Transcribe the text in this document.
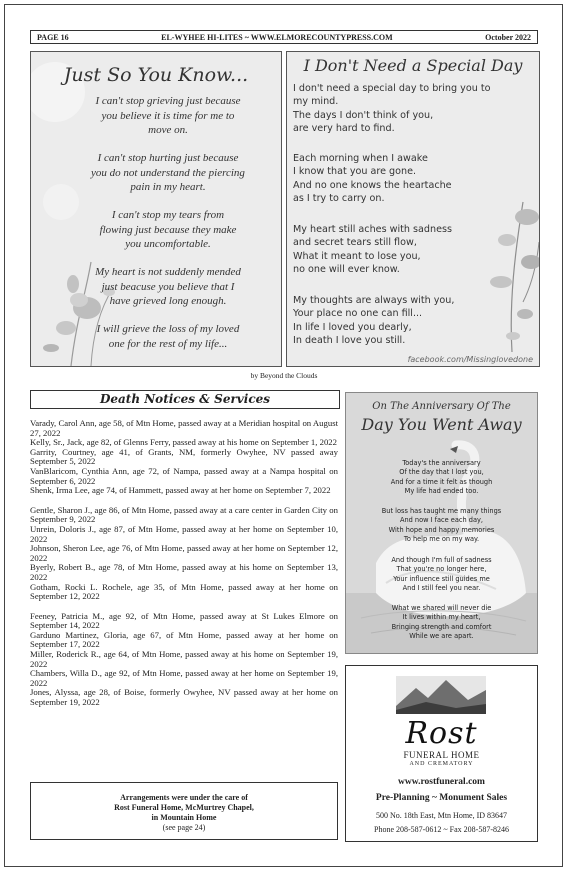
PAGE 16	EL-WYHEE HI-LITES ~ WWW.ELMORECOUNTYPRESS.COM	October 2022
Just So You Know...
I can't stop grieving just because
you believe it is time for me to
move on.
I can't stop hurting just because
you do not understand the piercing
pain in my heart.
I can't stop my tears from
flowing just because they make
you uncomfortable.
My heart is not suddenly mended
just beacuse you believe that I
have grieved long enough.
I will grieve the loss of my loved
one for the rest of my life...
I Don't Need a Special Day
I don't need a special day to bring you to
my mind.
The days I don't think of you,
are very hard to find.
Each morning when I awake
I know that you are gone.
And no one knows the heartache
as I try to carry on.
My heart still aches with sadness
and secret tears still flow,
What it meant to lose you,
no one will ever know.
My thoughts are always with you,
Your place no one can fill...
In life I loved you dearly,
In death I love you still.
facebook.com/Missinglovedone
by Beyond the Clouds
Death Notices & Services

Varady, Carol Ann, age 58, of Mtn Home, passed away at a Meridian hospital on August 27, 2022

Kelly, Sr., Jack, age 82, of Glenns Ferry, passed away at his home on September 1, 2022

Garrity, Courtney, age 41, of Grants, NM, formerly Owyhee, NV passed away September 5, 2022

VanBlaricom, Cynthia Ann, age 72, of Nampa, passed away at a Nampa hospital on September 6, 2022

Shenk, Irma Lee, age 74, of Hammett, passed away at her home on September 7, 2022

Gentle, Sharon J., age 86, of Mtn Home, passed away at a care center in Garden City on September 9, 2022

Unrein, Doloris J., age 87, of Mtn Home, passed away at her home on September 10, 2022

Johnson, Sheron Lee, age 76, of Mtn Home, passed away at her home on September 12, 2022

Byerly, Robert B., age 78, of Mtn Home, passed away at his home on September 13, 2022

Gotham, Rocki L. Rochele, age 35, of Mtn Home, passed away at her home on September 12, 2022

Feeney, Patricia M., age 92, of Mtn Home, passed away at St Lukes Elmore on September 14, 2022

Garduno Martinez, Gloria, age 67, of Mtn Home, passed away at her home on September 17, 2022

Miller, Roderick R., age 64, of Mtn Home, passed away at his home on September 19, 2022

Chambers, Willa D., age 92, of Mtn Home, passed away at her home on September 19, 2022

Jones, Alyssa, age 28, of Boise, formerly Owyhee, NV passed away at her home on September 19, 2022

Arrangements were under the care of
Rost Funeral Home, McMurtrey Chapel,
in Mountain Home
(see page 24)
On The Anniversary Of The
Day You Went Away
Today's the anniversary
Of the day that I lost you,
And for a time it felt as though
My life had ended too.
But loss has taught me many things
And now I face each day,
With hope and happy memories
To help me on my way.
And though I'm full of sadness
That you're no longer here,
Your influence still guides me
And I still feel you near.
What we shared will never die
It lives within my heart,
Bringing strength and comfort
While we are apart.
Rost
FUNERAL HOME
AND CREMATORY
www.rostfuneral.com
Pre-Planning ~ Monument Sales
500 No. 18th East, Mtn Home, ID 83647
Phone 208-587-0612 ~ Fax 208-587-8246
